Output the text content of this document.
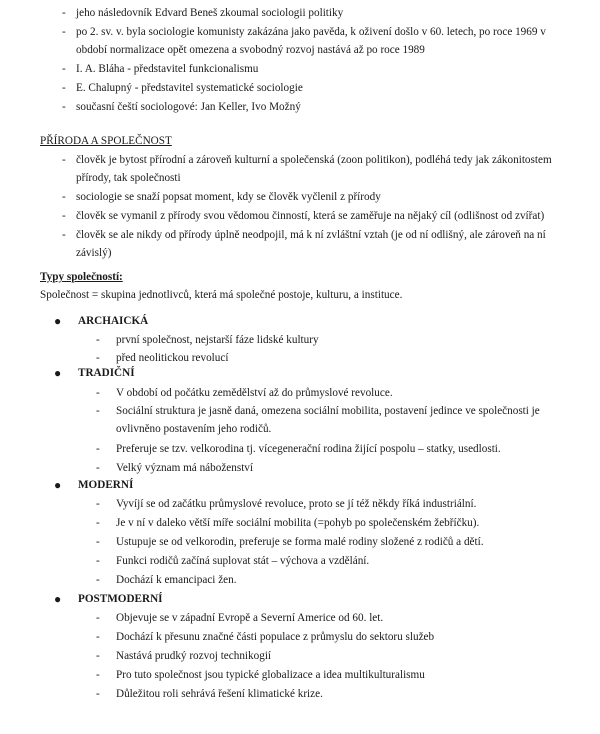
- jeho následovník Edvard Beneš zkoumal sociologii politiky
- po 2. sv. v. byla sociologie komunisty zakázána jako pavěda, k oživení došlo v 60. letech, po roce 1969 v
období normalizace opět omezena a svobodný rozvoj nastává až po roce 1989
- I. A. Bláha - představitel funkcionalismu
- E. Chalupný - představitel systematické sociologie
- současní čeští sociologové: Jan Keller, Ivo Možný
PŘÍRODA A SPOLEČNOST
- člověk je bytost přírodní a zároveň kulturní a společenská (zoon politikon), podléhá tedy jak zákonitostem
přírody, tak společnosti
- sociologie se snaží popsat moment, kdy se člověk vyčlenil z přírody
- člověk se vymanil z přírody svou vědomou činností, která se zaměřuje na nějaký cíl (odlišnost od zvířat)
- člověk se ale nikdy od přírody úplně neodpojil, má k ní zvláštní vztah (je od ní odlišný, ale zároveň na ní
závislý)
Typy společností:
Společnost = skupina jednotlivců, která má společné postoje, kulturu, a instituce.
● ARCHAICKÁ
- první společnost, nejstarší fáze lidské kultury
- před neolitickou revolucí
● TRADIČNÍ
- V období od počátku zemědělství až do průmyslové revoluce.
- Sociální struktura je jasně daná, omezena sociální mobilita, postavení jedince ve společnosti je
ovlivněno postavením jeho rodičů.
- Preferuje se tzv. velkorodina tj. vícegenerační rodina žijící pospolu – statky, usedlosti.
- Velký význam má náboženství
● MODERNÍ
- Vyvíjí se od začátku průmyslové revoluce, proto se jí též někdy říká industriální.
- Je v ní v daleko větší míře sociální mobilita (=pohyb po společenském žebříčku).
- Ustupuje se od velkorodin, preferuje se forma malé rodiny složené z rodičů a dětí.
- Funkci rodičů začíná suplovat stát – výchova a vzdělání.
- Dochází k emancipaci žen.
● POSTMODERNÍ
- Objevuje se v západní Evropě a Severní Americe od 60. let.
- Dochází k přesunu značné části populace z průmyslu do sektoru služeb
- Nastává prudký rozvoj technikogií
- Pro tuto společnost jsou typické globalizace a idea multikulturalismu
- Důležitou roli sehrává řešení klimatické krize.
